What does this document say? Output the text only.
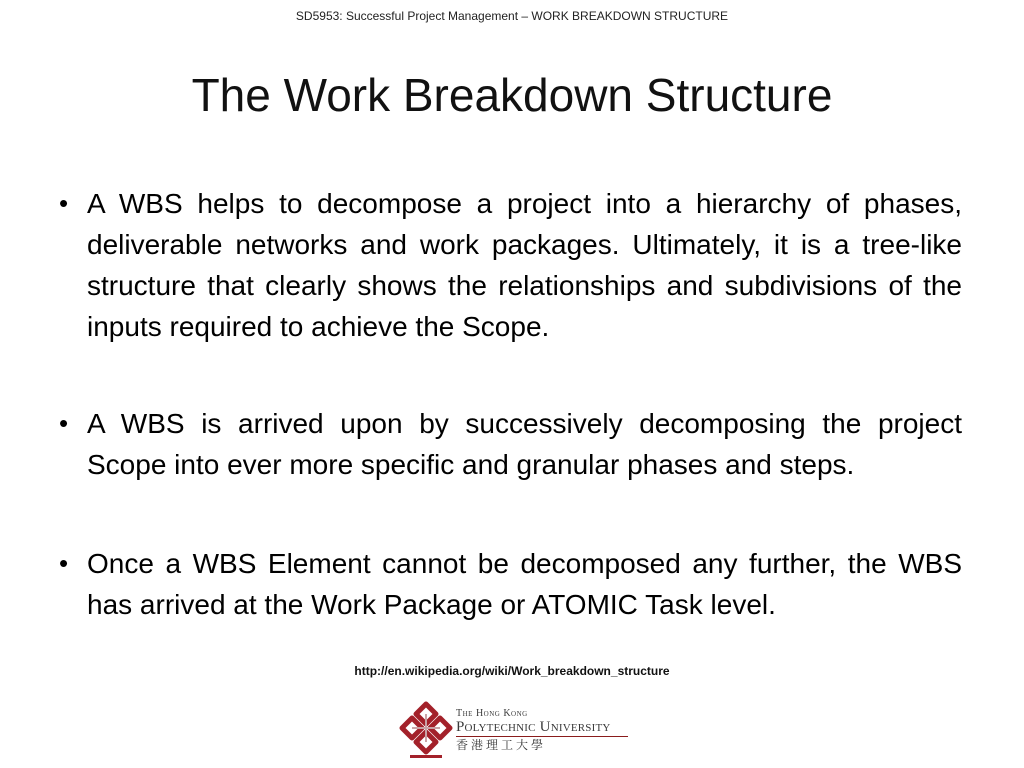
SD5953: Successful Project Management – WORK BREAKDOWN STRUCTURE
The Work Breakdown Structure
• A WBS helps to decompose a project into a hierarchy of phases, deliverable networks and work packages. Ultimately, it is a tree-like structure that clearly shows the relationships and subdivisions of the inputs required to achieve the Scope.
• A WBS is arrived upon by successively decomposing the project Scope into ever more specific and granular phases and steps.
• Once a WBS Element cannot be decomposed any further, the WBS has arrived at the Work Package or ATOMIC Task level.
http://en.wikipedia.org/wiki/Work_breakdown_structure
The Hong Kong
Polytechnic University
香港理工大學
